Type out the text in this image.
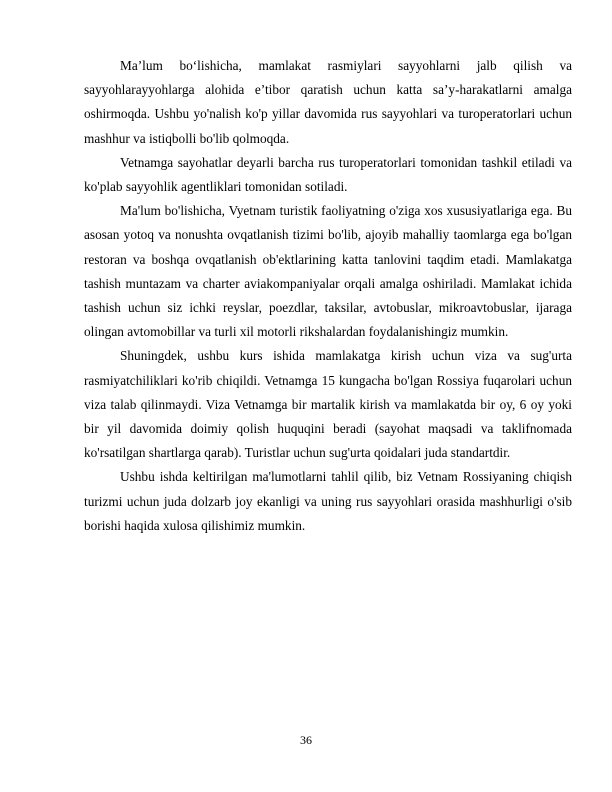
Ma’lum bo‘lishicha, mamlakat rasmiylari sayyohlarni jalb qilish va sayyohlarayyohlarga alohida e’tibor qaratish uchun katta sa’y-harakatlarni amalga oshirmoqda. Ushbu yo'nalish ko'p yillar davomida rus sayyohlari va turoperatorlari uchun mashhur va istiqbolli bo'lib qolmoqda.

Vetnamga sayohatlar deyarli barcha rus turoperatorlari tomonidan tashkil etiladi va ko'plab sayyohlik agentliklari tomonidan sotiladi.

Ma'lum bo'lishicha, Vyetnam turistik faoliyatning o'ziga xos xususiyatlariga ega. Bu asosan yotoq va nonushta ovqatlanish tizimi bo'lib, ajoyib mahalliy taomlarga ega bo'lgan restoran va boshqa ovqatlanish ob'ektlarining katta tanlovini taqdim etadi. Mamlakatga tashish muntazam va charter aviakompaniyalar orqali amalga oshiriladi. Mamlakat ichida tashish uchun siz ichki reyslar, poezdlar, taksilar, avtobuslar, mikroavtobuslar, ijaraga olingan avtomobillar va turli xil motorli rikshalardan foydalanishingiz mumkin.

Shuningdek, ushbu kurs ishida mamlakatga kirish uchun viza va sug'urta rasmiyatchiliklari ko'rib chiqildi. Vetnamga 15 kungacha bo'lgan Rossiya fuqarolari uchun viza talab qilinmaydi. Viza Vetnamga bir martalik kirish va mamlakatda bir oy, 6 oy yoki bir yil davomida doimiy qolish huquqini beradi (sayohat maqsadi va taklifnomada ko'rsatilgan shartlarga qarab). Turistlar uchun sug'urta qoidalari juda standartdir.

Ushbu ishda keltirilgan ma'lumotlarni tahlil qilib, biz Vetnam Rossiyaning chiqish turizmi uchun juda dolzarb joy ekanligi va uning rus sayyohlari orasida mashhurligi o'sib borishi haqida xulosa qilishimiz mumkin.

36
